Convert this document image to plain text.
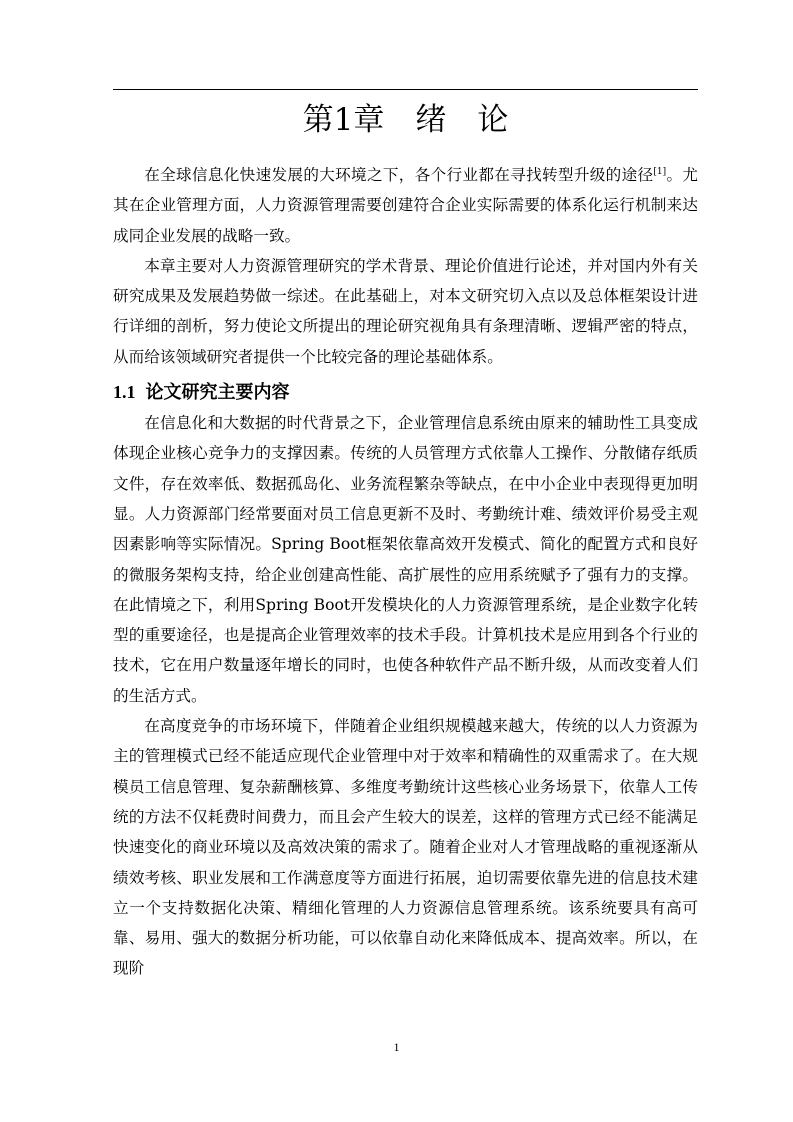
第1章　绪　论

在全球信息化快速发展的大环境之下，各个行业都在寻找转型升级的途径[1]。尤其在企业管理方面，人力资源管理需要创建符合企业实际需要的体系化运行机制来达成同企业发展的战略一致。

本章主要对人力资源管理研究的学术背景、理论价值进行论述，并对国内外有关研究成果及发展趋势做一综述。在此基础上，对本文研究切入点以及总体框架设计进行详细的剖析，努力使论文所提出的理论研究视角具有条理清晰、逻辑严密的特点，从而给该领域研究者提供一个比较完备的理论基础体系。

1.1 论文研究主要内容

在信息化和大数据的时代背景之下，企业管理信息系统由原来的辅助性工具变成体现企业核心竞争力的支撑因素。传统的人员管理方式依靠人工操作、分散储存纸质文件，存在效率低、数据孤岛化、业务流程繁杂等缺点，在中小企业中表现得更加明显。人力资源部门经常要面对员工信息更新不及时、考勤统计难、绩效评价易受主观因素影响等实际情况。Spring Boot框架依靠高效开发模式、简化的配置方式和良好的微服务架构支持，给企业创建高性能、高扩展性的应用系统赋予了强有力的支撑。在此情境之下，利用Spring Boot开发模块化的人力资源管理系统，是企业数字化转型的重要途径，也是提高企业管理效率的技术手段。计算机技术是应用到各个行业的技术，它在用户数量逐年增长的同时，也使各种软件产品不断升级，从而改变着人们的生活方式。

在高度竞争的市场环境下，伴随着企业组织规模越来越大，传统的以人力资源为主的管理模式已经不能适应现代企业管理中对于效率和精确性的双重需求了。在大规模员工信息管理、复杂薪酬核算、多维度考勤统计这些核心业务场景下，依靠人工传统的方法不仅耗费时间费力，而且会产生较大的误差，这样的管理方式已经不能满足快速变化的商业环境以及高效决策的需求了。随着企业对人才管理战略的重视逐渐从绩效考核、职业发展和工作满意度等方面进行拓展，迫切需要依靠先进的信息技术建立一个支持数据化决策、精细化管理的人力资源信息管理系统。该系统要具有高可靠、易用、强大的数据分析功能，可以依靠自动化来降低成本、提高效率。所以，在现阶

1
